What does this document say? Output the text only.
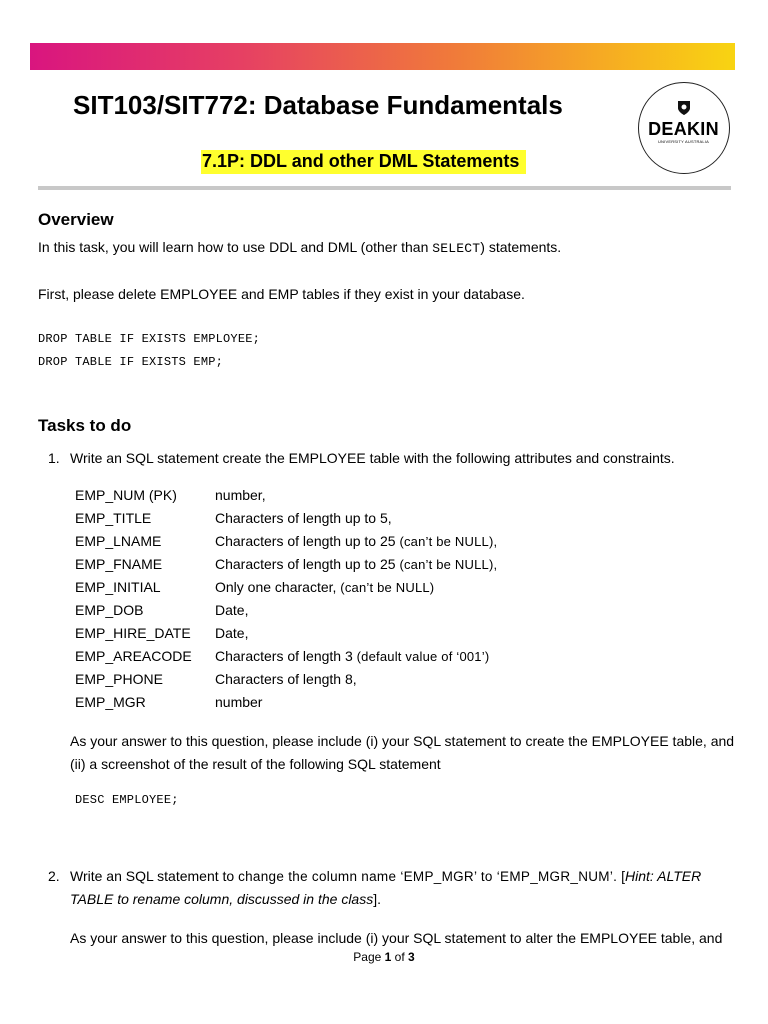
SIT103/SIT772: Database Fundamentals
7.1P: DDL and other DML Statements
DEAKIN
UNIVERSITY AUSTRALIA
Overview
In this task, you will learn how to use DDL and DML (other than SELECT) statements.
First, please delete EMPLOYEE and EMP tables if they exist in your database.
DROP TABLE IF EXISTS EMPLOYEE;
DROP TABLE IF EXISTS EMP;
Tasks to do
1. Write an SQL statement create the EMPLOYEE table with the following attributes and constraints.
EMP_NUM (PK)	number,
EMP_TITLE	Characters of length up to 5,
EMP_LNAME	Characters of length up to 25 (can’t be NULL),
EMP_FNAME	Characters of length up to 25 (can’t be NULL),
EMP_INITIAL	Only one character, (can’t be NULL)
EMP_DOB	Date,
EMP_HIRE_DATE Date,
EMP_AREACODE Characters of length 3 (default value of ‘001’)
EMP_PHONE	Characters of length 8,
EMP_MGR	number
As your answer to this question, please include (i) your SQL statement to create the EMPLOYEE table, and
(ii) a screenshot of the result of the following SQL statement
DESC EMPLOYEE;
2. Write an SQL statement to change the column name ‘EMP_MGR’ to ‘EMP_MGR_NUM’. [Hint: ALTER
TABLE to rename column, discussed in the class].
As your answer to this question, please include (i) your SQL statement to alter the EMPLOYEE table, and
Page 1 of 3
